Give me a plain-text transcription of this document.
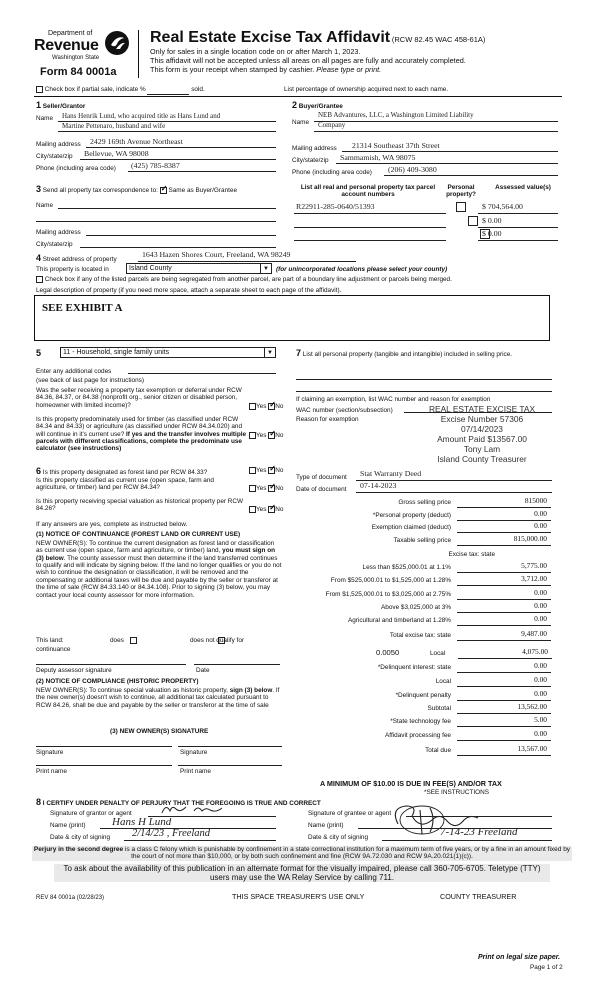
Department of
Revenue
Washington State
Form 84 0001a
Real Estate Excise Tax Affidavit (RCW 82.45 WAC 458-61A)
Only for sales in a single location code on or after March 1, 2023.
This affidavit will not be accepted unless all areas on all pages are fully and accurately completed.
This form is your receipt when stamped by cashier. Please type or print.
Check box if partial sale, indicate %	sold.	List percentage of ownership acquired next to each name.
1 Seller/Grantor
Name Hans Henrik Lund, who acquired title as Hans Lund and
Martine Pettenaro, husband and wife
Mailing address 2429 169th Avenue Northeast
City/state/zip Bellevue, WA 98008
Phone (including area code) (425) 785-8387
2 Buyer/Grantee
Name
NEB Advantures, LLC, a Washington Limited Liability
Company
Mailing address 21314 Southeast 37th Street
City/state/zip Sammamish, WA 98075
Phone (including area code) (206) 409-3080
3 Send all property tax correspondence to: ✓ Same as Buyer/Grantee
Name
Mailing address
City/state/zip
List all real and personal property tax parcel account numbers
Personal property?
Assessed value(s)
R22911-285-0640/51393
	$ 704,564.00

$ 0.00
$ 0.00
4 Street address of property
1643 Hazen Shores Court, Freeland, WA 98249
This property is located in	Island County	▼	(for unincorporated locations please select your county)
Check box if any of the listed parcels are being segregated from another parcel, are part of a boundary line adjustment or parcels being merged.
Legal description of property (if you need more space, attach a separate sheet to each page of the affidavit).
SEE EXHIBIT A
5	11 - Household, single family units	▼
Enter any additional codes
(see back of last page for instructions)
Was the seller receiving a property tax exemption or deferral under RCW 84.36, 84.37, or 84.38 (nonprofit org., senior citizen or disabled person, homeowner with limited income)?	Yes ✓ No
Is this property predominately used for timber (as classified under RCW 84.34 and 84.33) or agriculture (as classified under RCW 84.34.020) and will continue in it's current use? If yes and the transfer involves multiple parcels with different classifications, complete the predominate use calculator (see instructions)
Yes ✓ No
6 Is this property designated as forest land per RCW 84.33?	Yes ✓ No
Is this property classified as current use (open space, farm and agriculture, or timber) land per RCW 84.34?	Yes ✓ No
Is this property receiving special valuation as historical property per RCW 84.26?	Yes ✓ No
If any answers are yes, complete as instructed below.
(1) NOTICE OF CONTINUANCE (FOREST LAND OR CURRENT USE)
NEW OWNER(S): To continue the current designation as forest land or classification as current use (open space, farm and agriculture, or timber) land, you must sign on (3) below. The county assessor must then determine if the land transferred continues to qualify and will indicate by signing below. If the land no longer qualifies or you do not wish to continue the designation or classification, it will be removed and the compensating or additional taxes will be due and payable by the seller or transferor at the time of sale (RCW 84.33.140 or 84.34.108). Prior to signing (3) below, you may contact your local county assessor for more information.
This land:	does	does not qualify for
continuance
Deputy assessor signature	Date
(2) NOTICE OF COMPLIANCE (HISTORIC PROPERTY)
NEW OWNER(S): To continue special valuation as historic property, sign (3) below. If the new owner(s) doesn't wish to continue, all additional tax calculated pursuant to RCW 84.26, shall be due and payable by the seller or transferor at the time of sale
(3) NEW OWNER(S) SIGNATURE
Signature	Signature
Print name	Print name
7 List all personal property (tangible and intangible) included in selling price.
If claiming an exemption, list WAC number and reason for exemption
WAC number (section/subsection)
Reason for exemption
REAL ESTATE EXCISE TAX
Excise Number 57306
07/14/2023
Amount Paid $13567.00
Tony Lam
Island County Treasurer
Type of document Stat Warranty Deed
Date of document 07-14-2023
Gross selling price	815000
*Personal property (deduct)	0.00
Exemption claimed (deduct)	0.00
Taxable selling price	815,000.00
Excise tax: state
Less than $525,000.01 at 1.1%	5,775.00
From $525,000.01 to $1,525,000 at 1.28%	3,712.00
From $1,525,000.01 to $3,025,000 at 2.75%	0.00
Above $3,025,000 at 3%	0.00
Agricultural and timberland at 1.28%	0.00
Total excise tax: state	9,487.00
0.0050	Local	4,075.00
*Delinquent interest: state	0.00
Local	0.00
*Delinquent penalty	0.00
Subtotal	13,562.00
*State technology fee	5.00
Affidavit processing fee	0.00
Total due	13,567.00
A MINIMUM OF $10.00 IS DUE IN FEE(S) AND/OR TAX
*SEE INSTRUCTIONS
8 I CERTIFY UNDER PENALTY OF PERJURY THAT THE FOREGOING IS TRUE AND CORRECT
Signature of grantor or agent
Name (print) Hans H Lund
Date & city of signing 2/14/23 , Freeland
Signature of grantee or agent
Name (print)
Date & city of signing	7-14-23 Freeland
Perjury in the second degree is a class C felony which is punishable by confinement in a state correctional institution for a maximum term of five years, or by a fine in an amount fixed by the court of not more than $10,000, or by both such confinement and fine (RCW 9A.72.030 and RCW 9A.20.021(1)(c)).
To ask about the availability of this publication in an alternate format for the visually impaired, please call 360-705-6705. Teletype (TTY) users may use the WA Relay Service by calling 711.
REV 84 0001a (02/28/23)	THIS SPACE TREASURER'S USE ONLY	COUNTY TREASURER
Print on legal size paper.
Page 1 of 2
